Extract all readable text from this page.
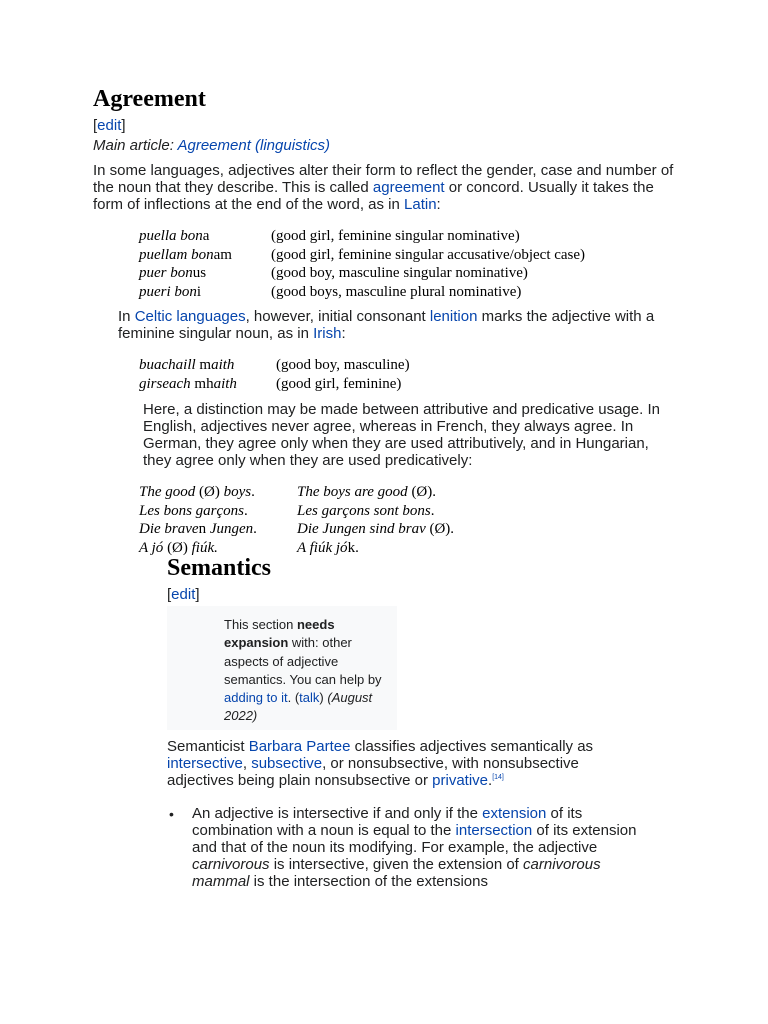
Agreement
[edit]
Main article: Agreement (linguistics)

In some languages, adjectives alter their form to reflect the gender, case and number of the noun that they describe. This is called agreement or concord. Usually it takes the form of inflections at the end of the word, as in Latin:

puella bona	(good girl, feminine singular nominative)
puellam bonam	(good girl, feminine singular accusative/object case)
puer bonus	(good boy, masculine singular nominative)
pueri boni	(good boys, masculine plural nominative)

In Celtic languages, however, initial consonant lenition marks the adjective with a feminine singular noun, as in Irish:

buachaill maith	(good boy, masculine)
girseach mhaith	(good girl, feminine)

Here, a distinction may be made between attributive and predicative usage. In English, adjectives never agree, whereas in French, they always agree. In German, they agree only when they are used attributively, and in Hungarian, they agree only when they are used predicatively:

The good (Ø) boys.	The boys are good (Ø).
Les bons garçons.	Les garçons sont bons.
Die braven Jungen.	Die Jungen sind brav (Ø).
A jó (Ø) fiúk.	A fiúk jók.
Semantics
[edit]
This section needs expansion with: other aspects of adjective semantics. You can help by adding to it. (talk) (August 2022)

Semanticist Barbara Partee classifies adjectives semantically as intersective, subsective, or nonsubsective, with nonsubsective adjectives being plain nonsubsective or privative.[14]

• An adjective is intersective if and only if the extension of its combination with a noun is equal to the intersection of its extension and that of the noun its modifying. For example, the adjective carnivorous is intersective, given the extension of carnivorous mammal is the intersection of the extensions
